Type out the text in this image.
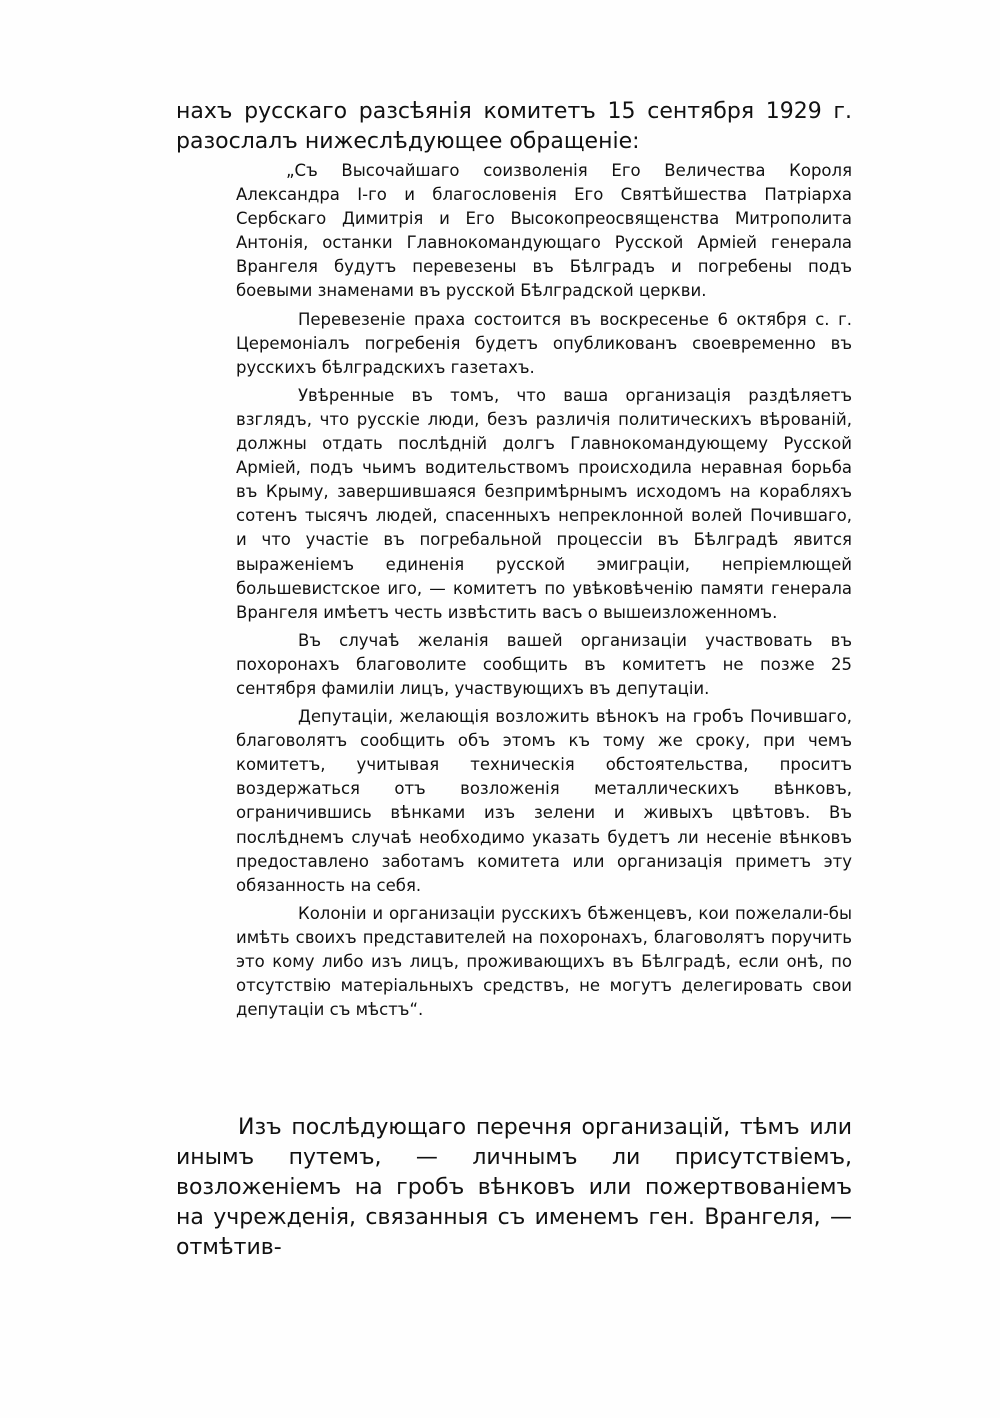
нахъ русскаго разсѣянія комитетъ 15 сентября 1929 г. разослалъ нижеслѣдующее обращеніе:

„Съ Высочайшаго соизволенія Его Величества Короля Александра I-го и благословенія Его Святѣйшества Патріарха Сербскаго Димитрія и Его Высокопреосвященства Митрополита Антонія, останки Главнокомандующаго Русской Арміей генерала Врангеля будутъ перевезены въ Бѣлградъ и погребены подъ боевыми знаменами въ русской Бѣлградской церкви.

Перевезеніе праха состоится въ воскресенье 6 октября с. г. Церемоніалъ погребенія будетъ опубликованъ своевременно въ русскихъ бѣлградскихъ газетахъ.

Увѣренные въ томъ, что ваша организація раздѣляетъ взглядъ, что русскіе люди, безъ различія политическихъ вѣрованій, должны отдать послѣдній долгъ Главнокомандующему Русской Арміей, подъ чьимъ водительствомъ происходила неравная борьба въ Крыму, завершившаяся безпримѣрнымъ исходомъ на корабляхъ сотенъ тысячъ людей, спасенныхъ непреклонной волей Почившаго, и что участіе въ погребальной процессіи въ Бѣлградѣ явится выраженіемъ единенія русской эмиграціи, непріемлющей большевистское иго, — комитетъ по увѣковѣченію памяти генерала Врангеля имѣетъ честь извѣстить васъ о вышеизложенномъ.

Въ случаѣ желанія вашей организаціи участвовать въ похоронахъ благоволите сообщить въ комитетъ не позже 25 сентября фамиліи лицъ, участвующихъ въ депутаціи.

Депутаціи, желающія возложить вѣнокъ на гробъ Почившаго, благоволятъ сообщить объ этомъ къ тому же сроку, при чемъ комитетъ, учитывая техническія обстоятельства, проситъ воздержаться отъ возложенія металлическихъ вѣнковъ, ограничившись вѣнками изъ зелени и живыхъ цвѣтовъ. Въ послѣднемъ случаѣ необходимо указать будетъ ли несеніе вѣнковъ предоставлено заботамъ комитета или организація приметъ эту обязанность на себя.

Колоніи и организаціи русскихъ бѣженцевъ, кои пожелали-бы имѣть своихъ представителей на похоронахъ, благоволятъ поручить это кому либо изъ лицъ, проживающихъ въ Бѣлградѣ, если онѣ, по отсутствію матеріальныхъ средствъ, не могутъ делегировать свои депутаціи съ мѣстъ“.

Изъ послѣдующаго перечня организацій, тѣмъ или инымъ путемъ, — личнымъ ли присутствіемъ, возложеніемъ на гробъ вѣнковъ или пожертвованіемъ на учрежденія, связанныя съ именемъ ген. Врангеля, — отмѣтив-
